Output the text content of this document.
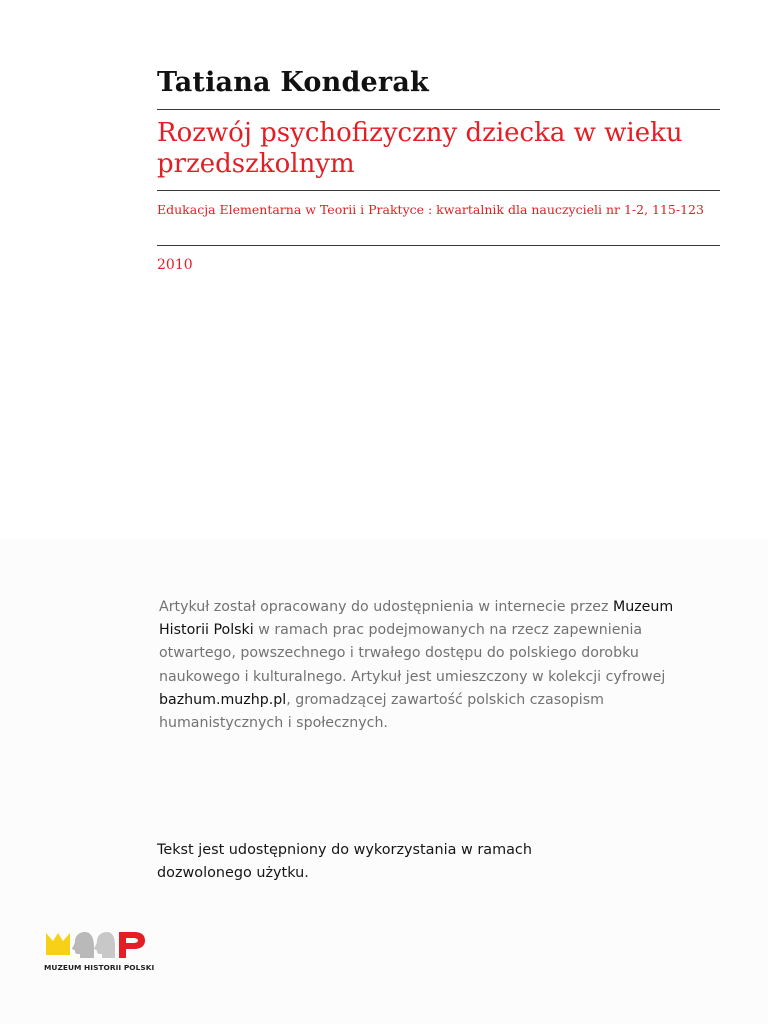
Tatiana Konderak
Rozwój psychofizyczny dziecka w wieku przedszkolnym
Edukacja Elementarna w Teorii i Praktyce : kwartalnik dla nauczycieli nr 1-2, 115-123
2010
Artykuł został opracowany do udostępnienia w internecie przez Muzeum Historii Polski w ramach prac podejmowanych na rzecz zapewnienia otwartego, powszechnego i trwałego dostępu do polskiego dorobku naukowego i kulturalnego. Artykuł jest umieszczony w kolekcji cyfrowej bazhum.muzhp.pl, gromadzącej zawartość polskich czasopism humanistycznych i społecznych.
Tekst jest udostępniony do wykorzystania w ramach dozwolonego użytku.
MUZEUM HISTORII POLSKI
